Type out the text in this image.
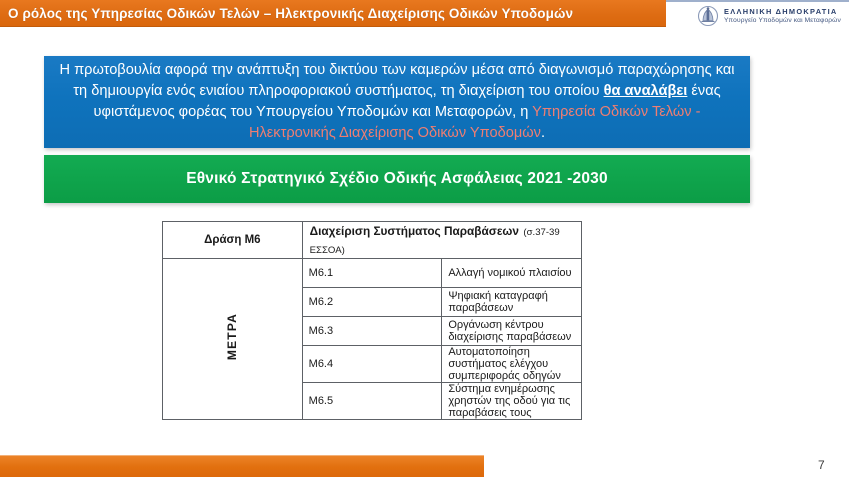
Ο ρόλος της Υπηρεσίας Οδικών Τελών – Ηλεκτρονικής Διαχείρισης Οδικών Υποδομών	ΕΛΛΗΝΙΚΗ ΔΗΜΟΚΡΑΤΙΑ
Υπουργείο Υποδομών και Μεταφορών
Η πρωτοβουλία αφορά την ανάπτυξη του δικτύου των καμερών μέσα από διαγωνισμό παραχώρησης και τη δημιουργία ενός ενιαίου πληροφοριακού συστήματος, τη διαχείριση του οποίου θα αναλάβει ένας υφιστάμενος φορέας του Υπουργείου Υποδομών και Μεταφορών, η Υπηρεσία Οδικών Τελών - Ηλεκτρονικής Διαχείρισης Οδικών Υποδομών.
Εθνικό Στρατηγικό Σχέδιο Οδικής Ασφάλειας 2021 -2030
Δράση Μ6	Διαχείριση Συστήματος Παραβάσεων (σ.37-39 ΕΣΣΟΑ)	
ΜΕΤΡΑ	Μ6.1	Αλλαγή νομικού πλαισίου
	Μ6.2	Ψηφιακή καταγραφή παραβάσεων
	Μ6.3	Οργάνωση κέντρου διαχείρισης παραβάσεων
	Μ6.4	Αυτοματοποίηση συστήματος ελέγχου συμπεριφοράς οδηγών
	Μ6.5	Σύστημα ενημέρωσης χρηστών της οδού για τις παραβάσεις τους
7
